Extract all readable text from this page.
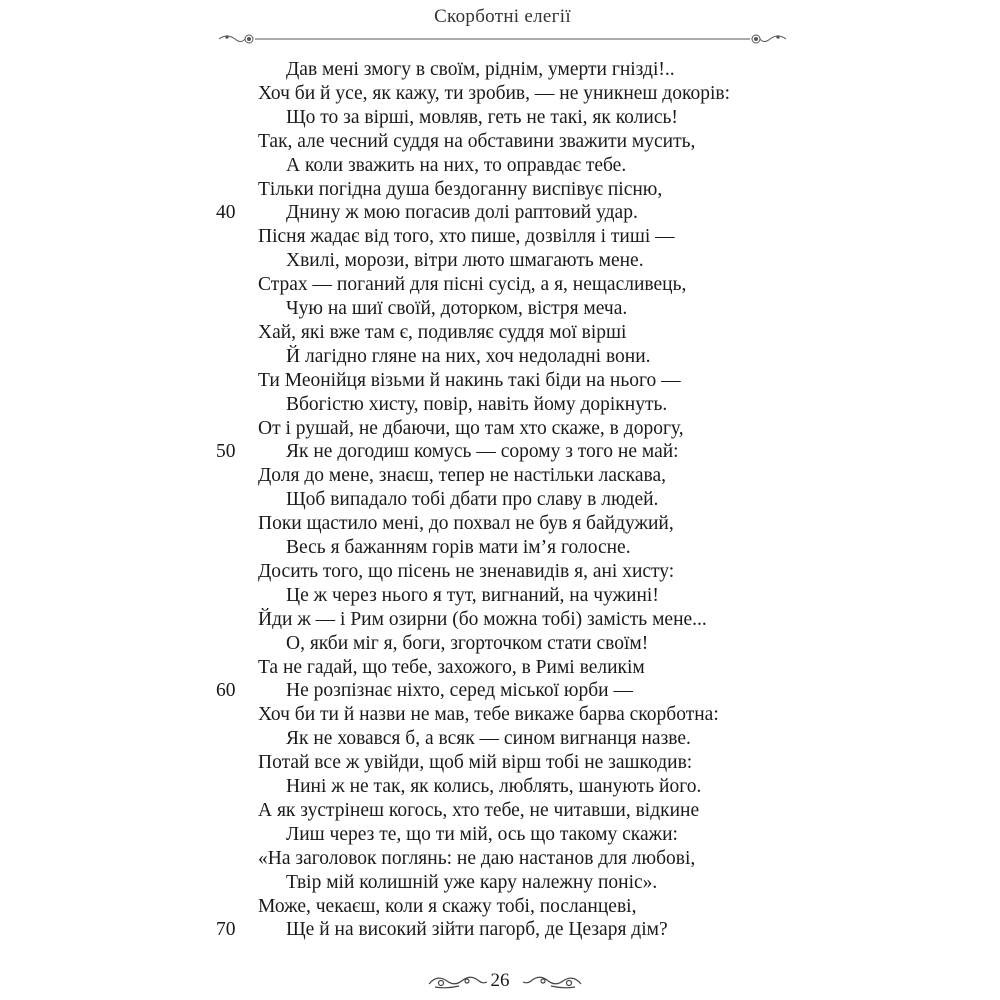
Скорботні елегії
Дав мені змогу в своїм, ріднім, умерти гнізді!..
Хоч би й усе, як кажу, ти зробив, — не уникнеш докорів:
Що то за вірші, мовляв, геть не такі, як колись!
Так, але чесний суддя на обставини зважити мусить,
А коли зважить на них, то оправдає тебе.
Тільки погідна душа бездоганну виспівує пісню,
Днину ж мою погасив долі раптовий удар.
40
Пісня жадає від того, хто пише, дозвілля і тиші —
Хвилі, морози, вітри люто шмагають мене.
Страх — поганий для пісні сусід, а я, нещасливець,
Чую на шиї своїй, доторком, вістря меча.
Хай, які вже там є, подивляє суддя мої вірші
Й лагідно гляне на них, хоч недоладні вони.
Ти Меонійця візьми й накинь такі біди на нього —
Вбогістю хисту, повір, навіть йому дорікнуть.
От і рушай, не дбаючи, що там хто скаже, в дорогу,
Як не догодиш комусь — сорому з того не май:
50
Доля до мене, знаєш, тепер не настільки ласкава,
Щоб випадало тобі дбати про славу в людей.
Поки щастило мені, до похвал не був я байдужий,
Весь я бажанням горів мати ім’я голосне.
Досить того, що пісень не зненавидів я, ані хисту:
Це ж через нього я тут, вигнаний, на чужині!
Йди ж — і Рим озирни (бо можна тобі) замість мене...
О, якби міг я, боги, згорточком стати своїм!
Та не гадай, що тебе, захожого, в Римі великім
Не розпізнає ніхто, серед міської юрби —
60
Хоч би ти й назви не мав, тебе викаже барва скорботна:
Як не ховався б, а всяк — сином вигнанця назве.
Потай все ж увійди, щоб мій вірш тобі не зашкодив:
Нині ж не так, як колись, люблять, шанують його.
А як зустрінеш когось, хто тебе, не читавши, відкине
Лиш через те, що ти мій, ось що такому скажи:
«На заголовок поглянь: не даю настанов для любові,
Твір мій колишній уже кару належну поніс».
Може, чекаєш, коли я скажу тобі, посланцеві,
Ще й на високий зійти пагорб, де Цезаря дім?
70
26
